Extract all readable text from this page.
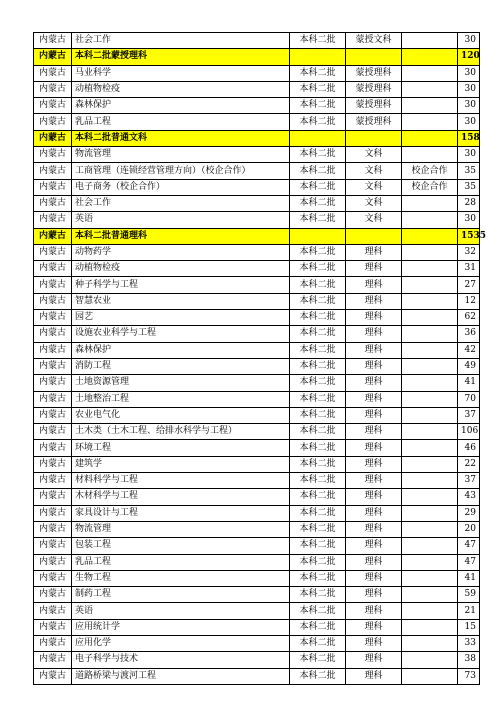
内蒙古	社会工作	本科二批	蒙授文科		30
内蒙古	本科二批蒙授理科				120
内蒙古	马业科学	本科二批	蒙授理科		30
内蒙古	动植物检疫	本科二批	蒙授理科		30
内蒙古	森林保护	本科二批	蒙授理科		30
内蒙古	乳品工程	本科二批	蒙授理科		30
内蒙古	本科二批普通文科				158
内蒙古	物流管理	本科二批	文科		30
内蒙古	工商管理（连锁经营管理方向）（校企合作）	本科二批	文科	校企合作	35
内蒙古	电子商务（校企合作）	本科二批	文科	校企合作	35
内蒙古	社会工作	本科二批	文科		28
内蒙古	英语	本科二批	文科		30
内蒙古	本科二批普通理科				1535
内蒙古	动物药学	本科二批	理科		32
内蒙古	动植物检疫	本科二批	理科		31
内蒙古	种子科学与工程	本科二批	理科		27
内蒙古	智慧农业	本科二批	理科		12
内蒙古	园艺	本科二批	理科		62
内蒙古	设施农业科学与工程	本科二批	理科		36
内蒙古	森林保护	本科二批	理科		42
内蒙古	消防工程	本科二批	理科		49
内蒙古	土地资源管理	本科二批	理科		41
内蒙古	土地整治工程	本科二批	理科		70
内蒙古	农业电气化	本科二批	理科		37
内蒙古	土木类（土木工程、给排水科学与工程）	本科二批	理科		106
内蒙古	环境工程	本科二批	理科		46
内蒙古	建筑学	本科二批	理科		22
内蒙古	材料科学与工程	本科二批	理科		37
内蒙古	木材科学与工程	本科二批	理科		43
内蒙古	家具设计与工程	本科二批	理科		29
内蒙古	物流管理	本科二批	理科		20
内蒙古	包装工程	本科二批	理科		47
内蒙古	乳品工程	本科二批	理科		47
内蒙古	生物工程	本科二批	理科		41
内蒙古	制药工程	本科二批	理科		59
内蒙古	英语	本科二批	理科		21
内蒙古	应用统计学	本科二批	理科		15
内蒙古	应用化学	本科二批	理科		33
内蒙古	电子科学与技术	本科二批	理科		38
内蒙古	道路桥梁与渡河工程	本科二批	理科		73
